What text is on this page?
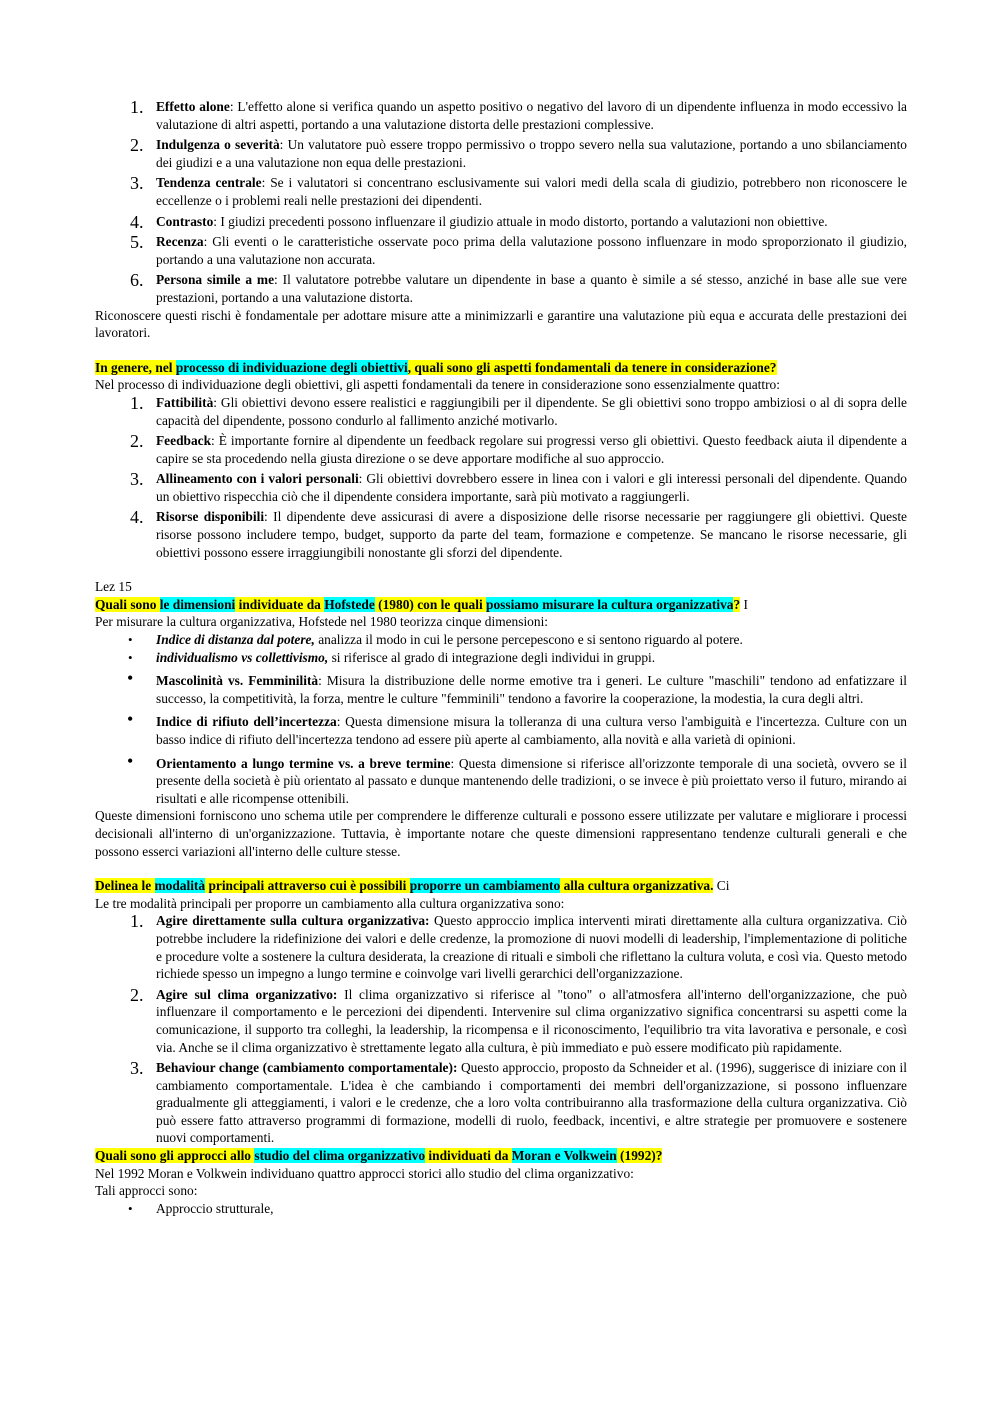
1. Effetto alone: L'effetto alone si verifica quando un aspetto positivo o negativo del lavoro di un dipendente influenza in modo eccessivo la valutazione di altri aspetti, portando a una valutazione distorta delle prestazioni complessive.
2. Indulgenza o severità: Un valutatore può essere troppo permissivo o troppo severo nella sua valutazione, portando a uno sbilanciamento dei giudizi e a una valutazione non equa delle prestazioni.
3. Tendenza centrale: Se i valutatori si concentrano esclusivamente sui valori medi della scala di giudizio, potrebbero non riconoscere le eccellenze o i problemi reali nelle prestazioni dei dipendenti.
4. Contrasto: I giudizi precedenti possono influenzare il giudizio attuale in modo distorto, portando a valutazioni non obiettive.
5. Recenza: Gli eventi o le caratteristiche osservate poco prima della valutazione possono influenzare in modo sproporzionato il giudizio, portando a una valutazione non accurata.
6. Persona simile a me: Il valutatore potrebbe valutare un dipendente in base a quanto è simile a sé stesso, anziché in base alle sue vere prestazioni, portando a una valutazione distorta.

Riconoscere questi rischi è fondamentale per adottare misure atte a minimizzarli e garantire una valutazione più equa e accurata delle prestazioni dei lavoratori.

In genere, nel processo di individuazione degli obiettivi, quali sono gli aspetti fondamentali da tenere in considerazione?

Nel processo di individuazione degli obiettivi, gli aspetti fondamentali da tenere in considerazione sono essenzialmente quattro:

1. Fattibilità: Gli obiettivi devono essere realistici e raggiungibili per il dipendente. Se gli obiettivi sono troppo ambiziosi o al di sopra delle capacità del dipendente, possono condurlo al fallimento anziché motivarlo.
2. Feedback: È importante fornire al dipendente un feedback regolare sui progressi verso gli obiettivi. Questo feedback aiuta il dipendente a capire se sta procedendo nella giusta direzione o se deve apportare modifiche al suo approccio.
3. Allineamento con i valori personali: Gli obiettivi dovrebbero essere in linea con i valori e gli interessi personali del dipendente. Quando un obiettivo rispecchia ciò che il dipendente considera importante, sarà più motivato a raggiungerli.
4. Risorse disponibili: Il dipendente deve assicurasi di avere a disposizione delle risorse necessarie per raggiungere gli obiettivi. Queste risorse possono includere tempo, budget, supporto da parte del team, formazione e competenze. Se mancano le risorse necessarie, gli obiettivi possono essere irraggiungibili nonostante gli sforzi del dipendente.

Lez 15

Quali sono le dimensioni individuate da Hofstede (1980) con le quali possiamo misurare la cultura organizzativa? I

Per misurare la cultura organizzativa, Hofstede nel 1980 teorizza cinque dimensioni:

• Indice di distanza dal potere, analizza il modo in cui le persone percepescono e si sentono riguardo al potere.
• individualismo vs collettivismo, si riferisce al grado di integrazione degli individui in gruppi.
• Mascolinità vs. Femminilità: Misura la distribuzione delle norme emotive tra i generi. Le culture "maschili" tendono ad enfatizzare il successo, la competitività, la forza, mentre le culture "femminili" tendono a favorire la cooperazione, la modestia, la cura degli altri.
• Indice di rifiuto dell’incertezza: Questa dimensione misura la tolleranza di una cultura verso l'ambiguità e l'incertezza. Culture con un basso indice di rifiuto dell'incertezza tendono ad essere più aperte al cambiamento, alla novità e alla varietà di opinioni.
• Orientamento a lungo termine vs. a breve termine: Questa dimensione si riferisce all'orizzonte temporale di una società, ovvero se il presente della società è più orientato al passato e dunque mantenendo delle tradizioni, o se invece è più proiettato verso il futuro, mirando ai risultati e alle ricompense ottenibili.

Queste dimensioni forniscono uno schema utile per comprendere le differenze culturali e possono essere utilizzate per valutare e migliorare i processi decisionali all'interno di un'organizzazione. Tuttavia, è importante notare che queste dimensioni rappresentano tendenze culturali generali e che possono esserci variazioni all'interno delle culture stesse.

Delinea le modalità principali attraverso cui è possibili proporre un cambiamento alla cultura organizzativa. Ci

Le tre modalità principali per proporre un cambiamento alla cultura organizzativa sono:

1. Agire direttamente sulla cultura organizzativa: Questo approccio implica interventi mirati direttamente alla cultura organizzativa. Ciò potrebbe includere la ridefinizione dei valori e delle credenze, la promozione di nuovi modelli di leadership, l'implementazione di politiche e procedure volte a sostenere la cultura desiderata, la creazione di rituali e simboli che riflettano la cultura voluta, e così via. Questo metodo richiede spesso un impegno a lungo termine e coinvolge vari livelli gerarchici dell'organizzazione.
2. Agire sul clima organizzativo: Il clima organizzativo si riferisce al "tono" o all'atmosfera all'interno dell'organizzazione, che può influenzare il comportamento e le percezioni dei dipendenti. Intervenire sul clima organizzativo significa concentrarsi su aspetti come la comunicazione, il supporto tra colleghi, la leadership, la ricompensa e il riconoscimento, l'equilibrio tra vita lavorativa e personale, e così via. Anche se il clima organizzativo è strettamente legato alla cultura, è più immediato e può essere modificato più rapidamente.
3. Behaviour change (cambiamento comportamentale): Questo approccio, proposto da Schneider et al. (1996), suggerisce di iniziare con il cambiamento comportamentale. L'idea è che cambiando i comportamenti dei membri dell'organizzazione, si possono influenzare gradualmente gli atteggiamenti, i valori e le credenze, che a loro volta contribuiranno alla trasformazione della cultura organizzativa. Ciò può essere fatto attraverso programmi di formazione, modelli di ruolo, feedback, incentivi, e altre strategie per promuovere e sostenere nuovi comportamenti.

Quali sono gli approcci allo studio del clima organizzativo individuati da Moran e Volkwein (1992)?

Nel 1992 Moran e Volkwein individuano quattro approcci storici allo studio del clima organizzativo:

Tali approcci sono:

• Approccio strutturale,
